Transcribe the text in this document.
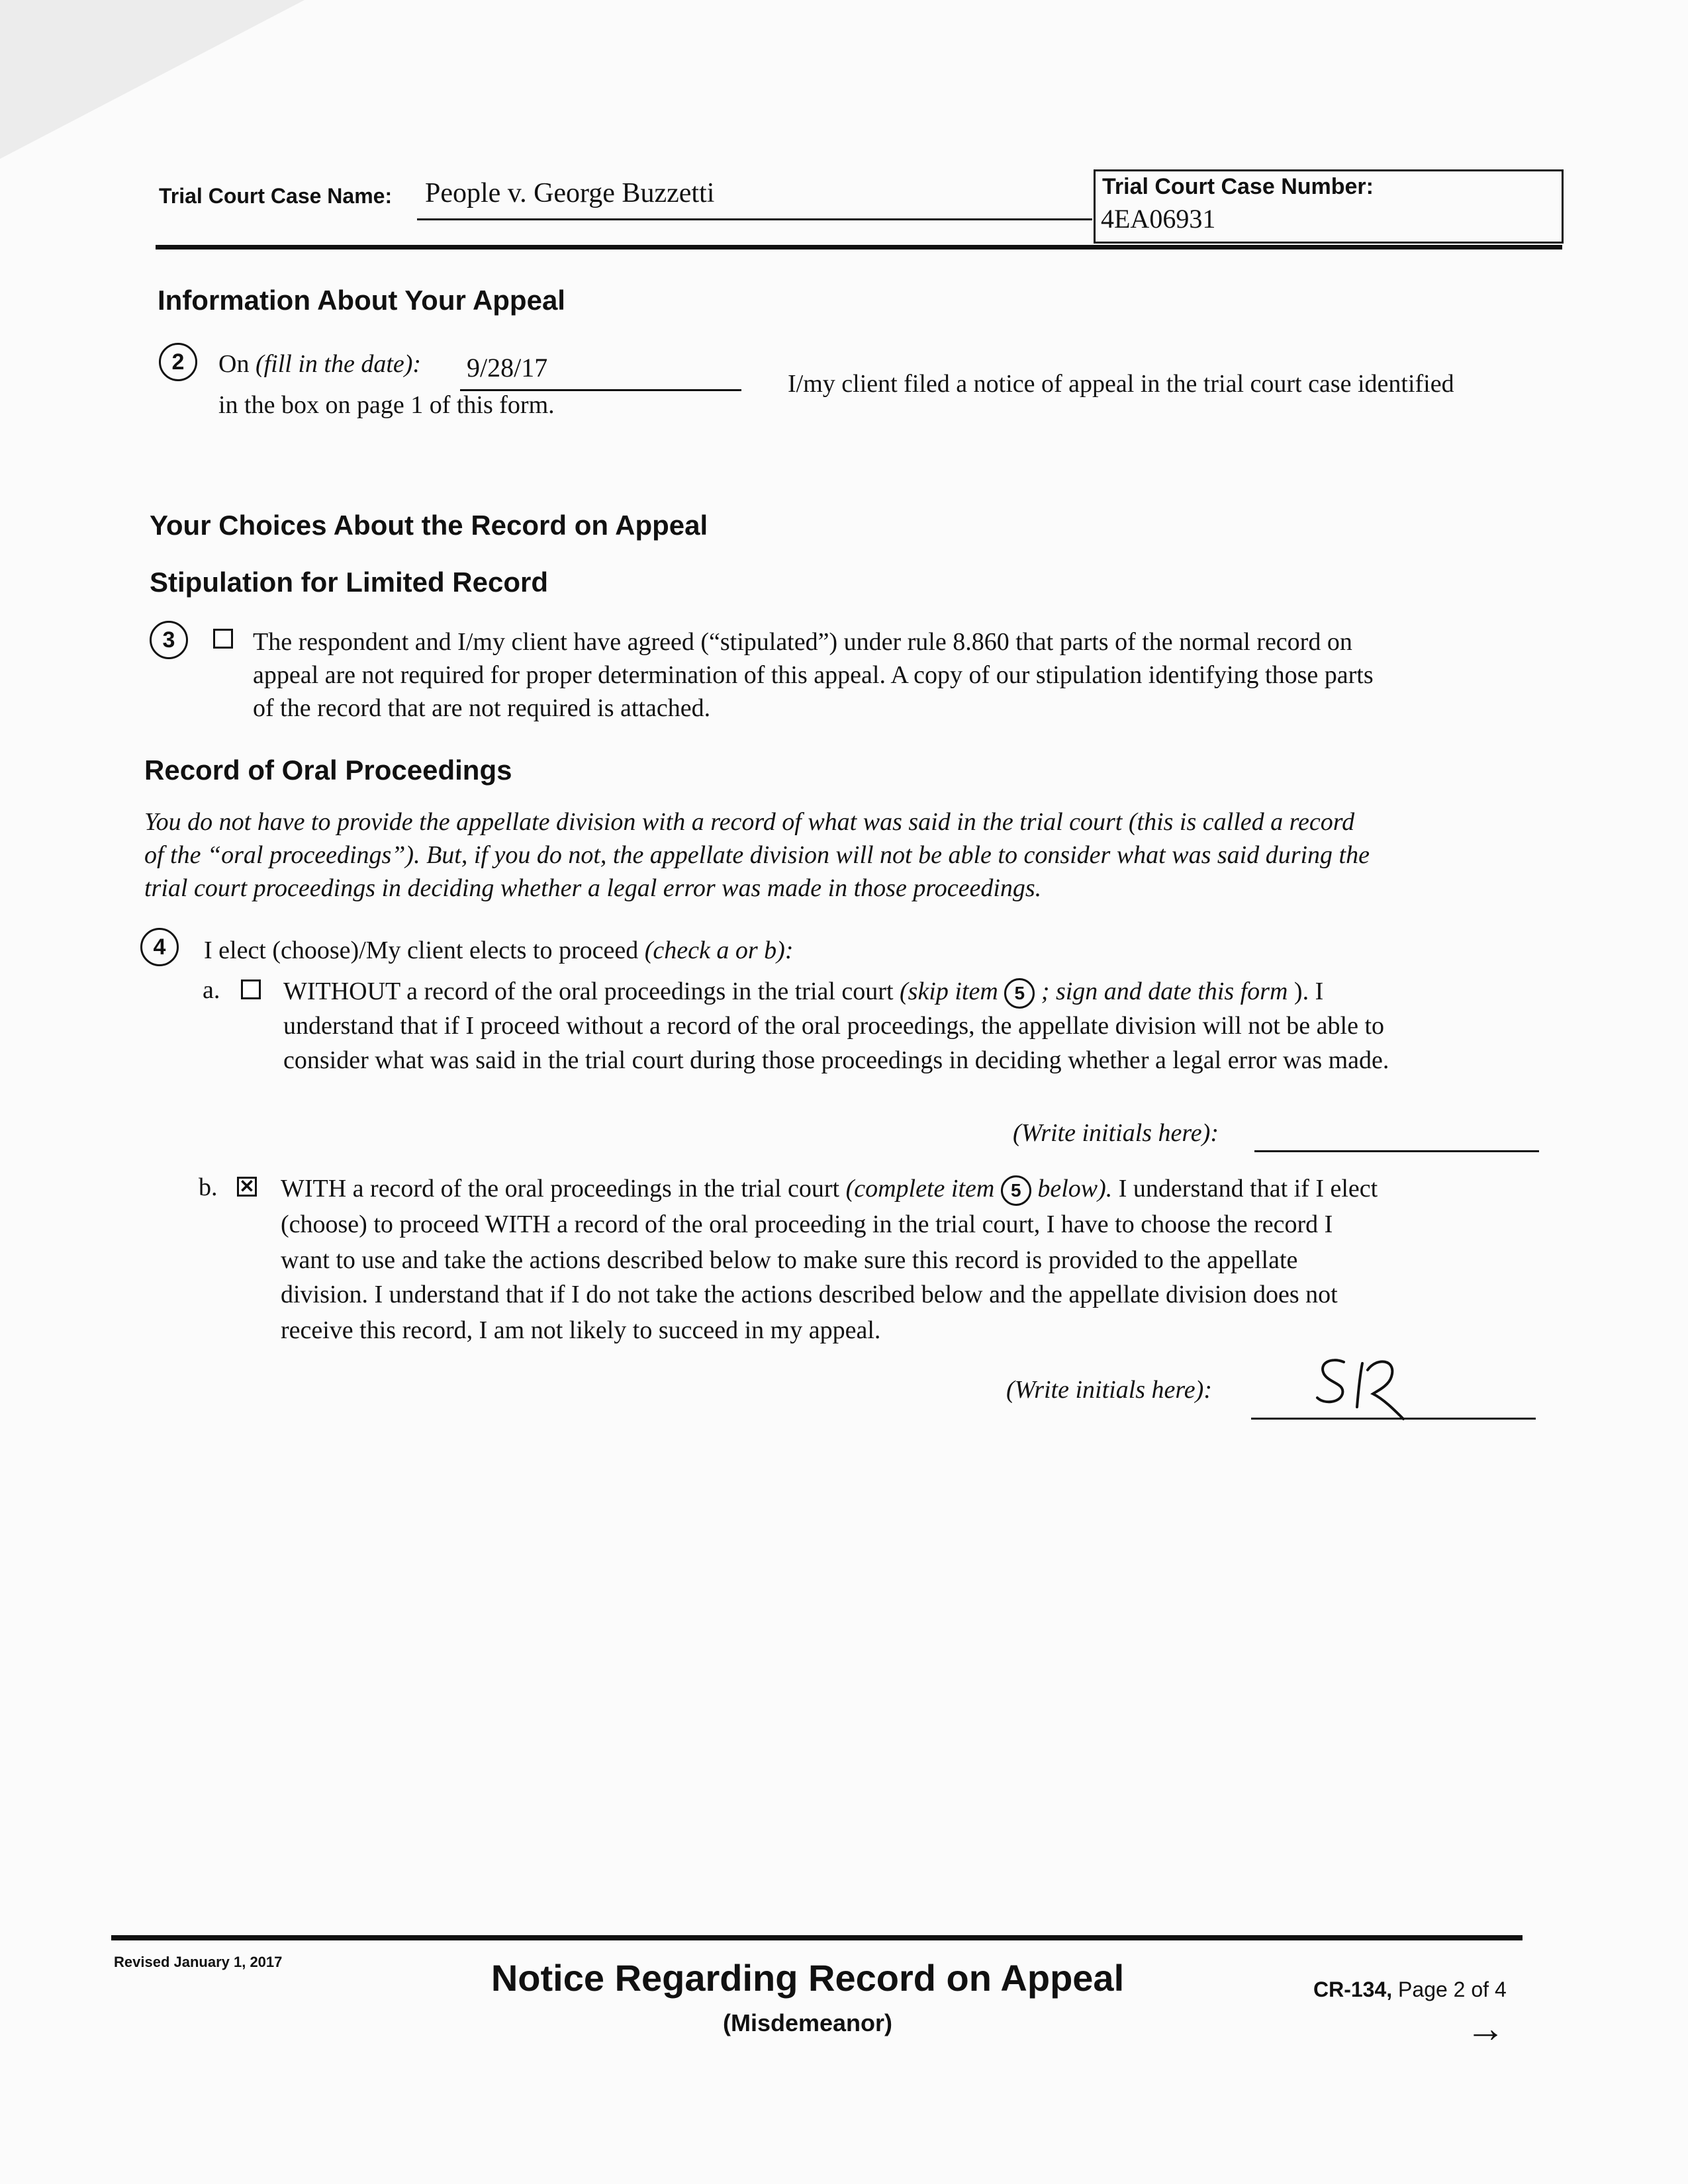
Trial Court Case Name: People v. George Buzzetti	Trial Court Case Number:
4EA06931
Information About Your Appeal
2	On (fill in the date): 9/28/17
I/my client filed a notice of appeal in the trial court case identified
in the box on page 1 of this form.
Your Choices About the Record on Appeal
Stipulation for Limited Record
3	The respondent and I/my client have agreed (“stipulated”) under rule 8.860 that parts of the normal record on
appeal are not required for proper determination of this appeal. A copy of our stipulation identifying those parts
of the record that are not required is attached.
Record of Oral Proceedings
You do not have to provide the appellate division with a record of what was said in the trial court (this is called a record
of the “oral proceedings”). But, if you do not, the appellate division will not be able to consider what was said during the
trial court proceedings in deciding whether a legal error was made in those proceedings.
4	I elect (choose)/My client elects to proceed (check a or b):
a.	WITHOUT a record of the oral proceedings in the trial court (skip item 5 ; sign and date this form ). I
understand that if I proceed without a record of the oral proceedings, the appellate division will not be able to
consider what was said in the trial court during those proceedings in deciding whether a legal error was made.
(Write initials here):
b. ✕ WITH a record of the oral proceedings in the trial court (complete item 5 below). I understand that if I elect
(choose) to proceed WITH a record of the oral proceeding in the trial court, I have to choose the record I
want to use and take the actions described below to make sure this record is provided to the appellate
division. I understand that if I do not take the actions described below and the appellate division does not
receive this record, I am not likely to succeed in my appeal.
(Write initials here):
Revised January 1, 2017	Notice Regarding Record on Appeal
(Misdemeanor)
CR-134, Page 2 of 4
→
